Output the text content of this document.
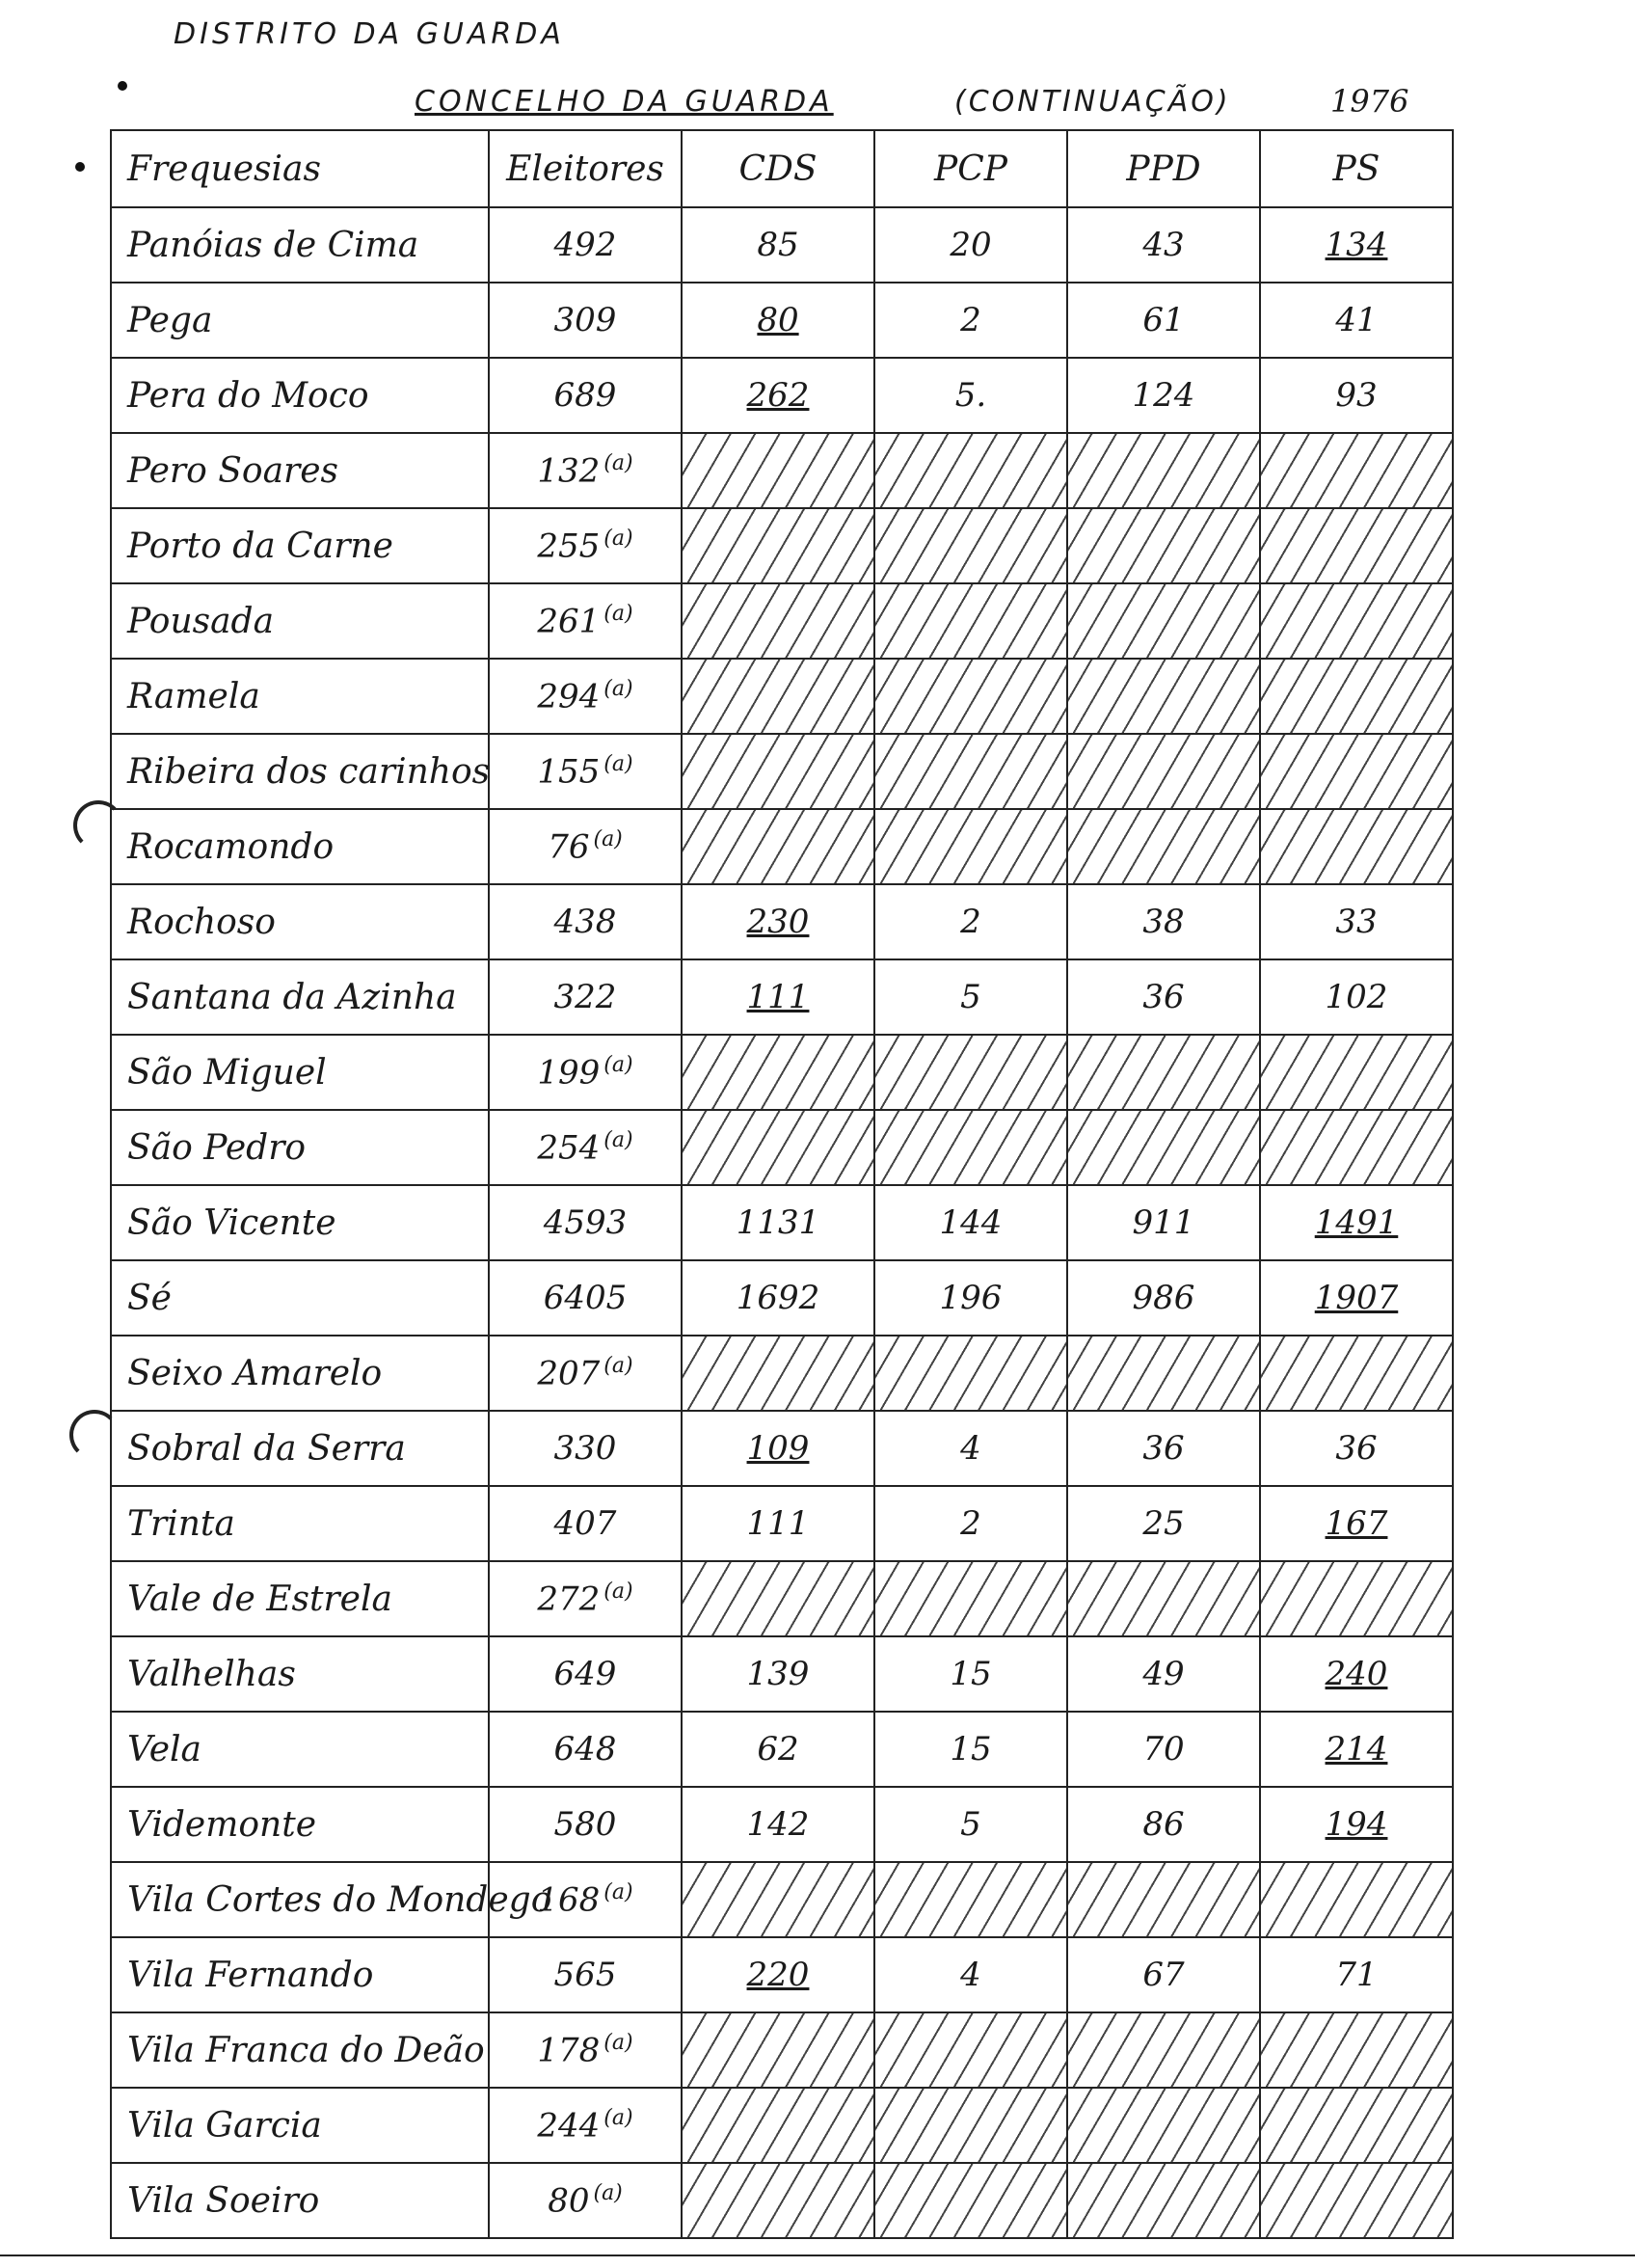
DISTRITO DA GUARDA
CONCELHO DA GUARDA	(CONTINUAÇÃO)	1976
Frequesias	Eleitores	CDS	PCP	PPD	PS
Panóias de Cima	492	85	20	43	134
Pega	309	80	2	61	41
Pera do Moco	689	262	5.	124	93
Pero Soares	132 $^{(a)}$				
Porto da Carne	255 $^{(a)}$				
Pousada	261 $^{(a)}$				
Ramela	294 $^{(a)}$				
Ribeira dos carinhos	155 $^{(a)}$				
Rocamondo	76 $^{(a)}$				
Rochoso	438	230	2	38	33
Santana da Azinha	322	111	5	36	102
São Miguel	199 $^{(a)}$				
São Pedro	254 $^{(a)}$				
São Vicente	4593	1131	144	911	1491
Sé	6405	1692	196	986	1907
Seixo Amarelo	207 $^{(a)}$				
Sobral da Serra	330	109	4	36	36
Trinta	407	111	2	25	167
Vale de Estrela	272 $^{(a)}$				
Valhelhas	649	139	15	49	240
Vela	648	62	15	70	214
Videmonte	580	142	5	86	194
Vila Cortes do Mondego	168 $^{(a)}$				
Vila Fernando	565	220	4	67	71
Vila Franca do Deão	178 $^{(a)}$				
Vila Garcia	244 $^{(a)}$				
Vila Soeiro	80 $^{(a)}$				
